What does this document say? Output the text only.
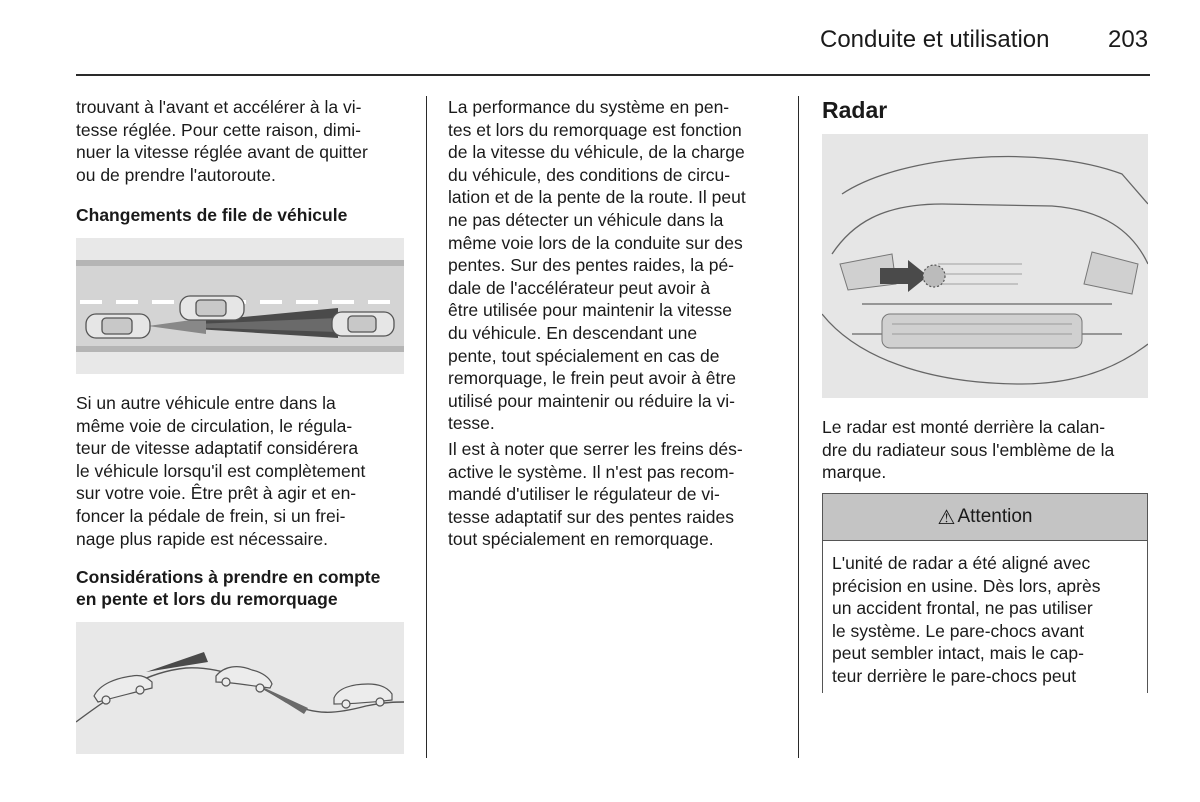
Conduite et utilisation 203
trouvant à l'avant et accélérer à la vi-
tesse réglée. Pour cette raison, dimi-
nuer la vitesse réglée avant de quitter
ou de prendre l'autoroute.
Changements de file de véhicule
Si un autre véhicule entre dans la
même voie de circulation, le régula-
teur de vitesse adaptatif considérera
le véhicule lorsqu'il est complètement
sur votre voie. Être prêt à agir et en-
foncer la pédale de frein, si un frei-
nage plus rapide est nécessaire.
Considérations à prendre en compte
en pente et lors du remorquage
La performance du système en pen-
tes et lors du remorquage est fonction
de la vitesse du véhicule, de la charge
du véhicule, des conditions de circu-
lation et de la pente de la route. Il peut
ne pas détecter un véhicule dans la
même voie lors de la conduite sur des
pentes. Sur des pentes raides, la pé-
dale de l'accélérateur peut avoir à
être utilisée pour maintenir la vitesse
du véhicule. En descendant une
pente, tout spécialement en cas de
remorquage, le frein peut avoir à être
utilisé pour maintenir ou réduire la vi-
tesse.
Il est à noter que serrer les freins dés-
active le système. Il n'est pas recom-
mandé d'utiliser le régulateur de vi-
tesse adaptatif sur des pentes raides
tout spécialement en remorquage.
Radar
Le radar est monté derrière la calan-
dre du radiateur sous l'emblème de la
marque.
⚠ Attention
L'unité de radar a été aligné avec
précision en usine. Dès lors, après
un accident frontal, ne pas utiliser
le système. Le pare-chocs avant
peut sembler intact, mais le cap-
teur derrière le pare-chocs peut
